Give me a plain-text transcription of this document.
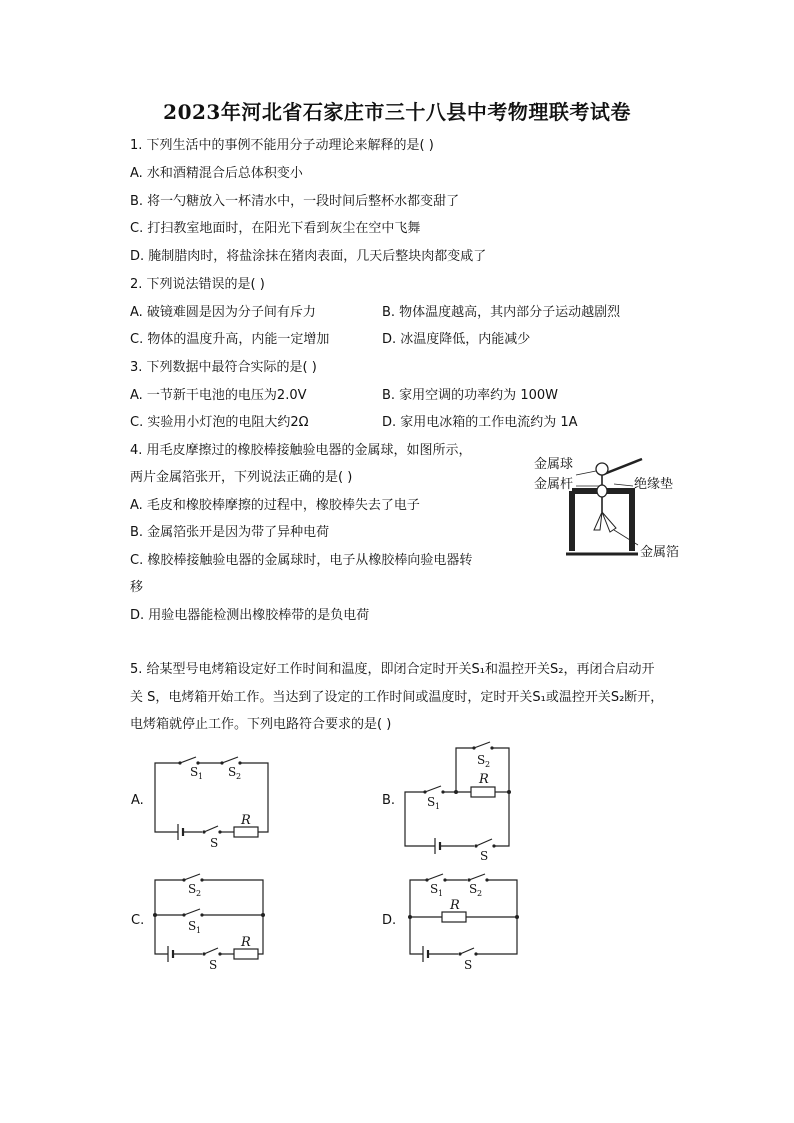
2023年河北省石家庄市三十八县中考物理联考试卷
1. 下列生活中的事例不能用分子动理论来解释的是( )
A. 水和酒精混合后总体积变小
B. 将一勺糖放入一杯清水中，一段时间后整杯水都变甜了
C. 打扫教室地面时，在阳光下看到灰尘在空中飞舞
D. 腌制腊肉时，将盐涂抹在猪肉表面，几天后整块肉都变咸了
2. 下列说法错误的是( )
A. 破镜难圆是因为分子间有斥力	B. 物体温度越高，其内部分子运动越剧烈
C. 物体的温度升高，内能一定增加	D. 冰温度降低，内能减少
3. 下列数据中最符合实际的是( )
A. 一节新干电池的电压为2.0V	B. 家用空调的功率约为 100W
C. 实验用小灯泡的电阻大约2Ω	D. 家用电冰箱的工作电流约为 1A
4. 用毛皮摩擦过的橡胶棒接触验电器的金属球，如图所示，
两片金属箔张开，下列说法正确的是( )
A. 毛皮和橡胶棒摩擦的过程中，橡胶棒失去了电子
B. 金属箔张开是因为带了异种电荷
C. 橡胶棒接触验电器的金属球时，电子从橡胶棒向验电器转
移
D. 用验电器能检测出橡胶棒带的是负电荷
金属球
金属杆	绝缘垫
金属箔
5. 给某型号电烤箱设定好工作时间和温度，即闭合定时开关S₁和温控开关S₂，再闭合启动开
关 S，电烤箱开始工作。当达到了设定的工作时间或温度时，定时开关S₁或温控开关S₂断开，
电烤箱就停止工作。下列电路符合要求的是( )
A.
S 1 S 2
R
S
B.
S 2
R
S 1
S
C.
S 2
S 1
R
S
D.
S 1 S 2
R
S
